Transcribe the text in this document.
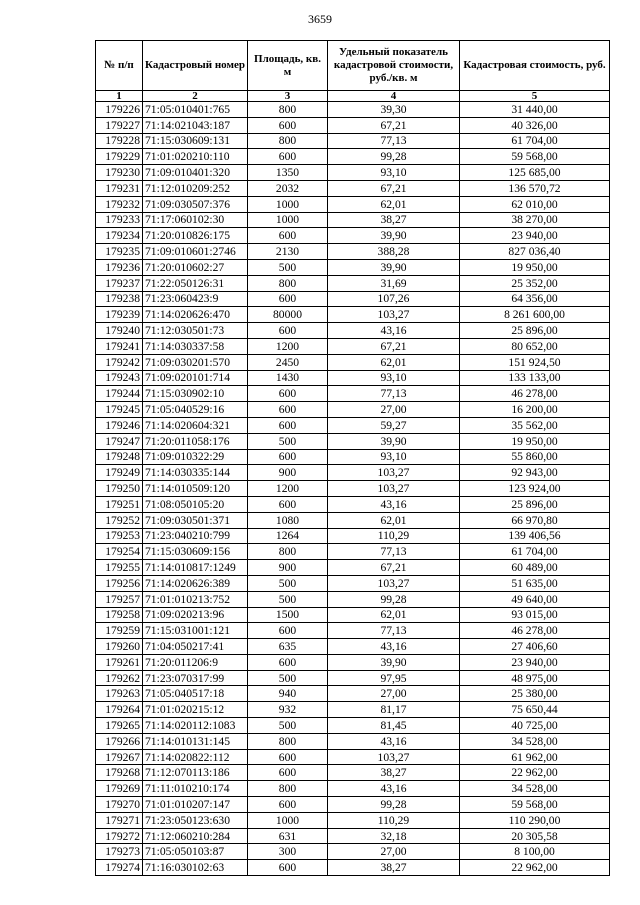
3659
№ п/п	Кадастровый номер	Площадь, кв. м	Удельный показатель кадастровой стоимости, руб./кв. м	Кадастровая стоимость, руб.
1	2	3	4	5
179226	71:05:010401:765	800	39,30	31 440,00
179227	71:14:021043:187	600	67,21	40 326,00
179228	71:15:030609:131	800	77,13	61 704,00
179229	71:01:020210:110	600	99,28	59 568,00
179230	71:09:010401:320	1350	93,10	125 685,00
179231	71:12:010209:252	2032	67,21	136 570,72
179232	71:09:030507:376	1000	62,01	62 010,00
179233	71:17:060102:30	1000	38,27	38 270,00
179234	71:20:010826:175	600	39,90	23 940,00
179235	71:09:010601:2746	2130	388,28	827 036,40
179236	71:20:010602:27	500	39,90	19 950,00
179237	71:22:050126:31	800	31,69	25 352,00
179238	71:23:060423:9	600	107,26	64 356,00
179239	71:14:020626:470	80000	103,27	8 261 600,00
179240	71:12:030501:73	600	43,16	25 896,00
179241	71:14:030337:58	1200	67,21	80 652,00
179242	71:09:030201:570	2450	62,01	151 924,50
179243	71:09:020101:714	1430	93,10	133 133,00
179244	71:15:030902:10	600	77,13	46 278,00
179245	71:05:040529:16	600	27,00	16 200,00
179246	71:14:020604:321	600	59,27	35 562,00
179247	71:20:011058:176	500	39,90	19 950,00
179248	71:09:010322:29	600	93,10	55 860,00
179249	71:14:030335:144	900	103,27	92 943,00
179250	71:14:010509:120	1200	103,27	123 924,00
179251	71:08:050105:20	600	43,16	25 896,00
179252	71:09:030501:371	1080	62,01	66 970,80
179253	71:23:040210:799	1264	110,29	139 406,56
179254	71:15:030609:156	800	77,13	61 704,00
179255	71:14:010817:1249	900	67,21	60 489,00
179256	71:14:020626:389	500	103,27	51 635,00
179257	71:01:010213:752	500	99,28	49 640,00
179258	71:09:020213:96	1500	62,01	93 015,00
179259	71:15:031001:121	600	77,13	46 278,00
179260	71:04:050217:41	635	43,16	27 406,60
179261	71:20:011206:9	600	39,90	23 940,00
179262	71:23:070317:99	500	97,95	48 975,00
179263	71:05:040517:18	940	27,00	25 380,00
179264	71:01:020215:12	932	81,17	75 650,44
179265	71:14:020112:1083	500	81,45	40 725,00
179266	71:14:010131:145	800	43,16	34 528,00
179267	71:14:020822:112	600	103,27	61 962,00
179268	71:12:070113:186	600	38,27	22 962,00
179269	71:11:010210:174	800	43,16	34 528,00
179270	71:01:010207:147	600	99,28	59 568,00
179271	71:23:050123:630	1000	110,29	110 290,00
179272	71:12:060210:284	631	32,18	20 305,58
179273	71:05:050103:87	300	27,00	8 100,00
179274	71:16:030102:63	600	38,27	22 962,00
